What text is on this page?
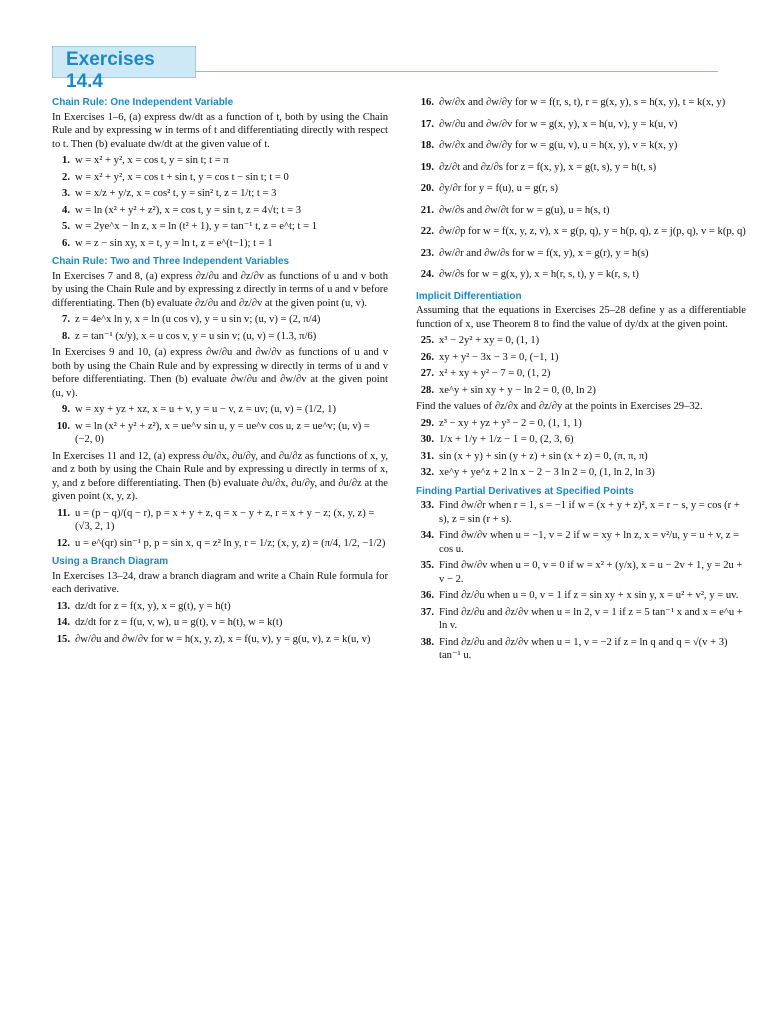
Exercises 14.4
Chain Rule: One Independent Variable
In Exercises 1–6, (a) express dw/dt as a function of t, both by using the Chain Rule and by expressing w in terms of t and differentiating directly with respect to t. Then (b) evaluate dw/dt at the given value of t.
1. w = x² + y², x = cos t, y = sin t; t = π
2. w = x² + y², x = cos t + sin t, y = cos t − sin t; t = 0
3. w = x/z + y/z, x = cos² t, y = sin² t, z = 1/t; t = 3
4. w = ln (x² + y² + z²), x = cos t, y = sin t, z = 4√t; t = 3
5. w = 2ye^x − ln z, x = ln (t² + 1), y = tan⁻¹ t, z = e^t; t = 1
6. w = z − sin xy, x = t, y = ln t, z = e^(t−1); t = 1
Chain Rule: Two and Three Independent Variables
In Exercises 7 and 8, (a) express ∂z/∂u and ∂z/∂v as functions of u and v both by using the Chain Rule and by expressing z directly in terms of u and v before differentiating. Then (b) evaluate ∂z/∂u and ∂z/∂v at the given point (u, v).
7. z = 4e^x ln y, x = ln (u cos v), y = u sin v; (u, v) = (2, π/4)
8. z = tan⁻¹ (x/y), x = u cos v, y = u sin v; (u, v) = (1.3, π/6)
In Exercises 9 and 10, (a) express ∂w/∂u and ∂w/∂v as functions of u and v both by using the Chain Rule and by expressing w directly in terms of u and v before differentiating. Then (b) evaluate ∂w/∂u and ∂w/∂v at the given point (u, v).
9. w = xy + yz + xz, x = u + v, y = u − v, z = uv; (u, v) = (1/2, 1)
10. w = ln (x² + y² + z²), x = ue^v sin u, y = ue^v cos u, z = ue^v; (u, v) = (−2, 0)
In Exercises 11 and 12, (a) express ∂u/∂x, ∂u/∂y, and ∂u/∂z as functions of x, y, and z both by using the Chain Rule and by expressing u directly in terms of x, y, and z before differentiating. Then (b) evaluate ∂u/∂x, ∂u/∂y, and ∂u/∂z at the given point (x, y, z).
11. u = (p − q)/(q − r), p = x + y + z, q = x − y + z, r = x + y − z; (x, y, z) = (√3, 2, 1)
12. u = e^(qr) sin⁻¹ p, p = sin x, q = z² ln y, r = 1/z; (x, y, z) = (π/4, 1/2, −1/2)
Using a Branch Diagram
In Exercises 13–24, draw a branch diagram and write a Chain Rule formula for each derivative.
13. dz/dt for z = f(x, y), x = g(t), y = h(t)
14. dz/dt for z = f(u, v, w), u = g(t), v = h(t), w = k(t)
15. ∂w/∂u and ∂w/∂v for w = h(x, y, z), x = f(u, v), y = g(u, v), z = k(u, v)
16. ∂w/∂x and ∂w/∂y for w = f(r, s, t), r = g(x, y), s = h(x, y), t = k(x, y)
17. ∂w/∂u and ∂w/∂v for w = g(x, y), x = h(u, v), y = k(u, v)
18. ∂w/∂x and ∂w/∂y for w = g(u, v), u = h(x, y), v = k(x, y)
19. ∂z/∂t and ∂z/∂s for z = f(x, y), x = g(t, s), y = h(t, s)
20. ∂y/∂r for y = f(u), u = g(r, s)
21. ∂w/∂s and ∂w/∂t for w = g(u), u = h(s, t)
22. ∂w/∂p for w = f(x, y, z, v), x = g(p, q), y = h(p, q), z = j(p, q), v = k(p, q)
23. ∂w/∂r and ∂w/∂s for w = f(x, y), x = g(r), y = h(s)
24. ∂w/∂s for w = g(x, y), x = h(r, s, t), y = k(r, s, t)
Implicit Differentiation
Assuming that the equations in Exercises 25–28 define y as a differentiable function of x, use Theorem 8 to find the value of dy/dx at the given point.
25. x³ − 2y² + xy = 0, (1, 1)
26. xy + y² − 3x − 3 = 0, (−1, 1)
27. x² + xy + y² − 7 = 0, (1, 2)
28. xe^y + sin xy + y − ln 2 = 0, (0, ln 2)
Find the values of ∂z/∂x and ∂z/∂y at the points in Exercises 29–32.
29. z³ − xy + yz + y³ − 2 = 0, (1, 1, 1)
30. 1/x + 1/y + 1/z − 1 = 0, (2, 3, 6)
31. sin (x + y) + sin (y + z) + sin (x + z) = 0, (π, π, π)
32. xe^y + ye^z + 2 ln x − 2 − 3 ln 2 = 0, (1, ln 2, ln 3)
Finding Partial Derivatives at Specified Points
33. Find ∂w/∂r when r = 1, s = −1 if w = (x + y + z)², x = r − s, y = cos (r + s), z = sin (r + s).
34. Find ∂w/∂v when u = −1, v = 2 if w = xy + ln z, x = v²/u, y = u + v, z = cos u.
35. Find ∂w/∂v when u = 0, v = 0 if w = x² + (y/x), x = u − 2v + 1, y = 2u + v − 2.
36. Find ∂z/∂u when u = 0, v = 1 if z = sin xy + x sin y, x = u² + v², y = uv.
37. Find ∂z/∂u and ∂z/∂v when u = ln 2, v = 1 if z = 5 tan⁻¹ x and x = e^u + ln v.
38. Find ∂z/∂u and ∂z/∂v when u = 1, v = −2 if z = ln q and q = √(v + 3) tan⁻¹ u.
